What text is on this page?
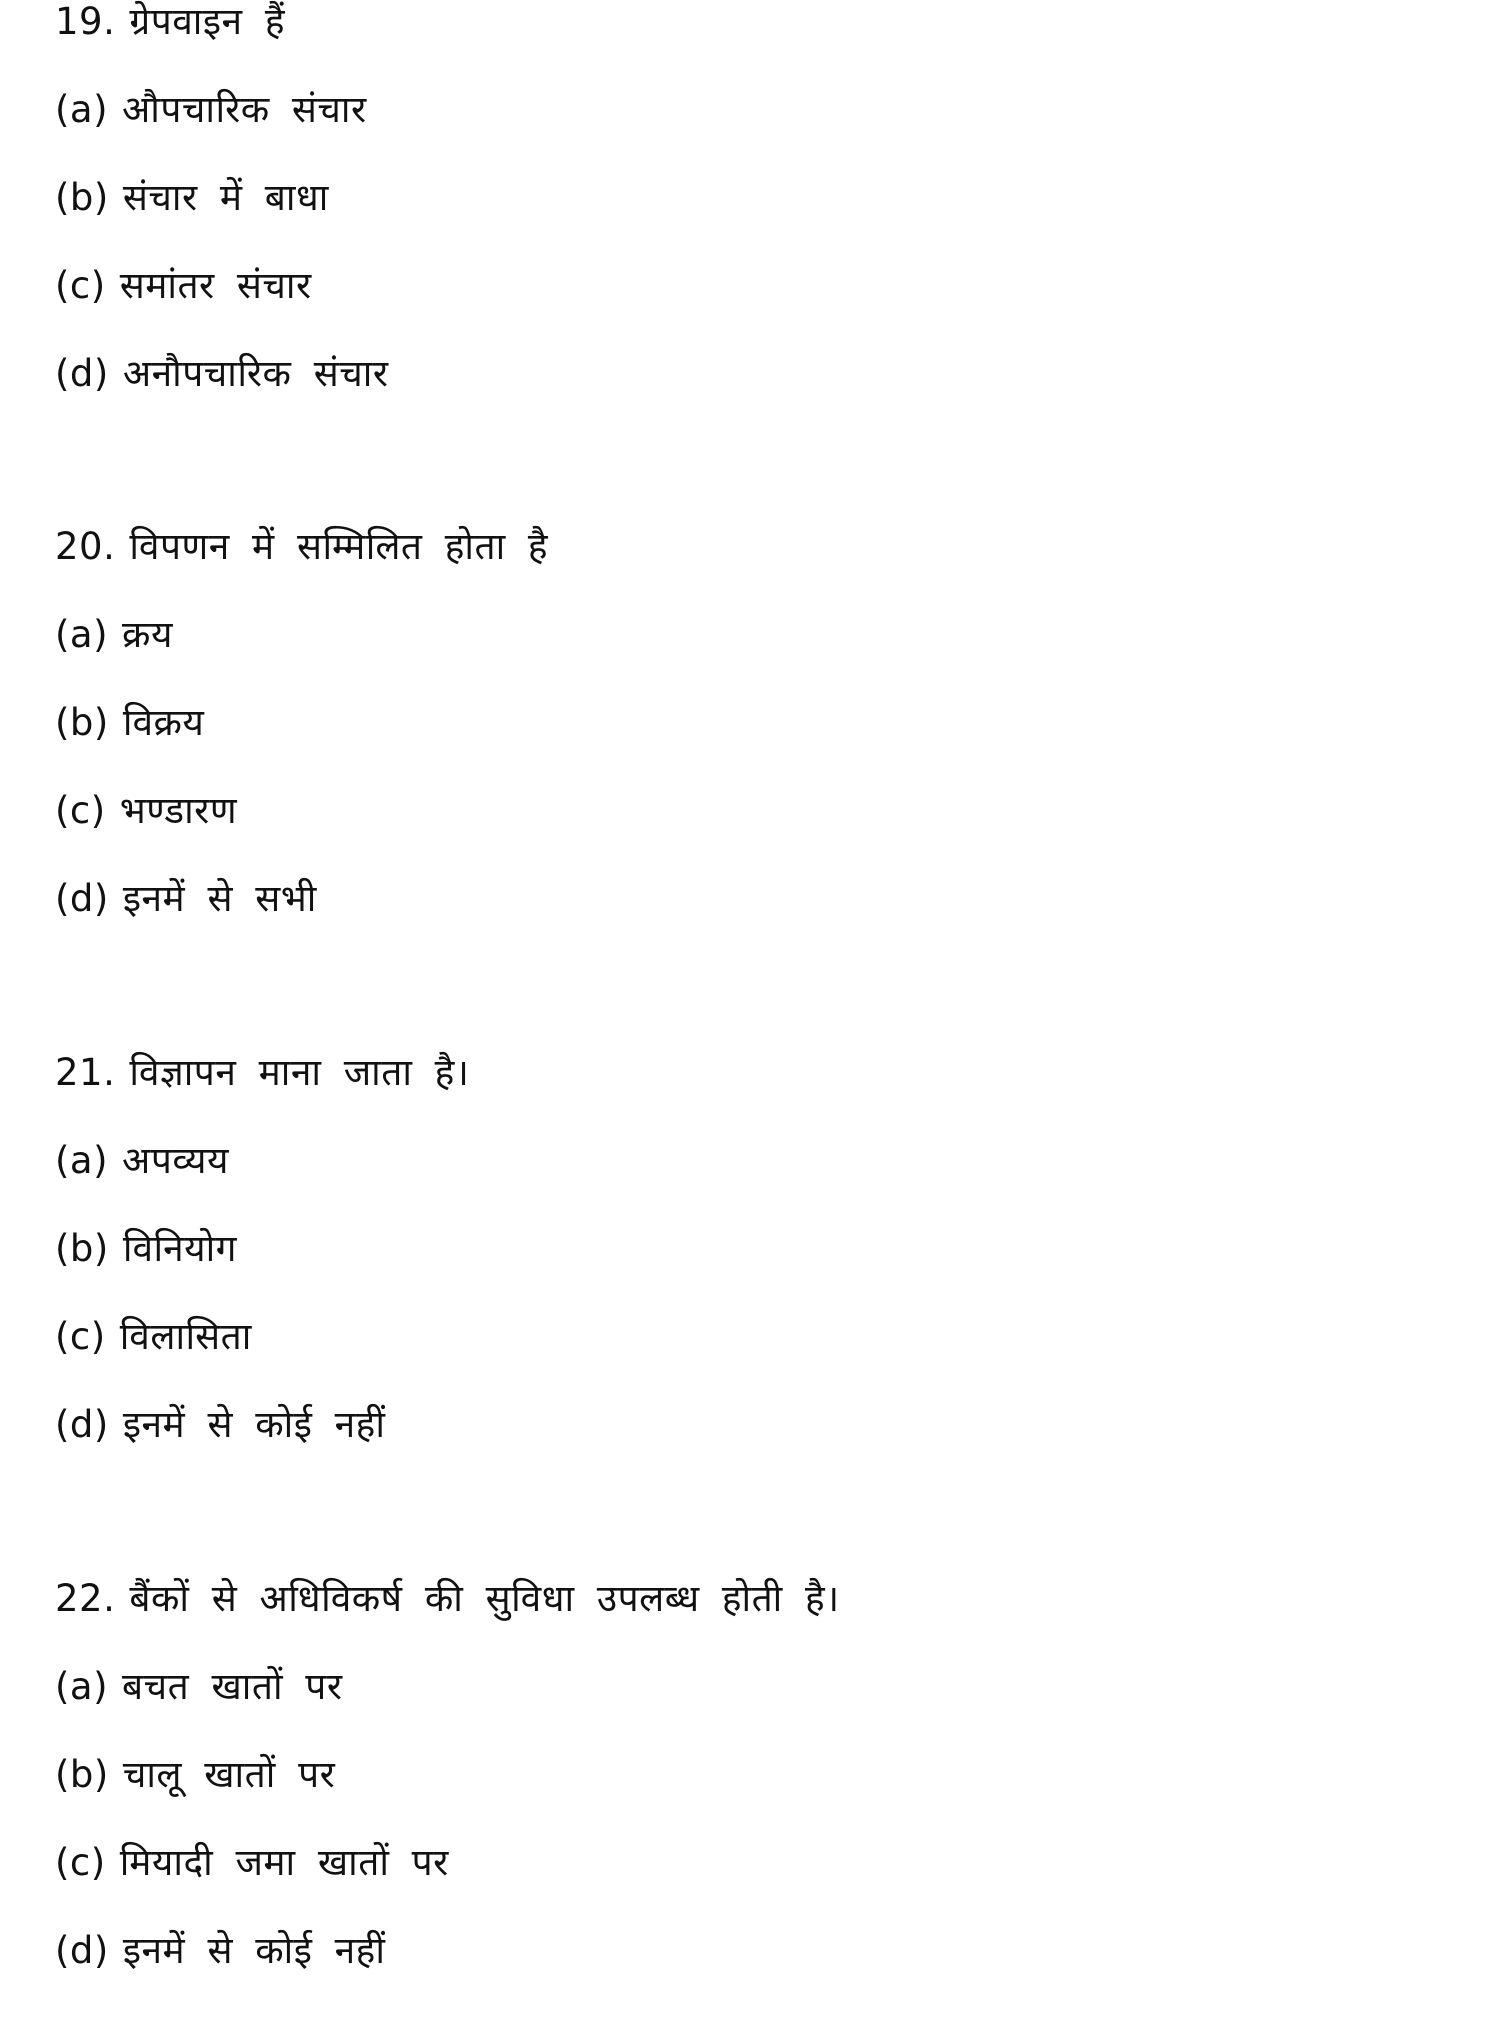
19. ग्रेपवाइन हैं
(a) औपचारिक संचार
(b) संचार में बाधा
(c) समांतर संचार
(d) अनौपचारिक संचार
20. विपणन में सम्मिलित होता है
(a) क्रय
(b) विक्रय
(c) भण्डारण
(d) इनमें से सभी
21. विज्ञापन माना जाता है।
(a) अपव्यय
(b) विनियोग
(c) विलासिता
(d) इनमें से कोई नहीं
22. बैंकों से अधिविकर्ष की सुविधा उपलब्ध होती है।
(a) बचत खातों पर
(b) चालू खातों पर
(c) मियादी जमा खातों पर
(d) इनमें से कोई नहीं
